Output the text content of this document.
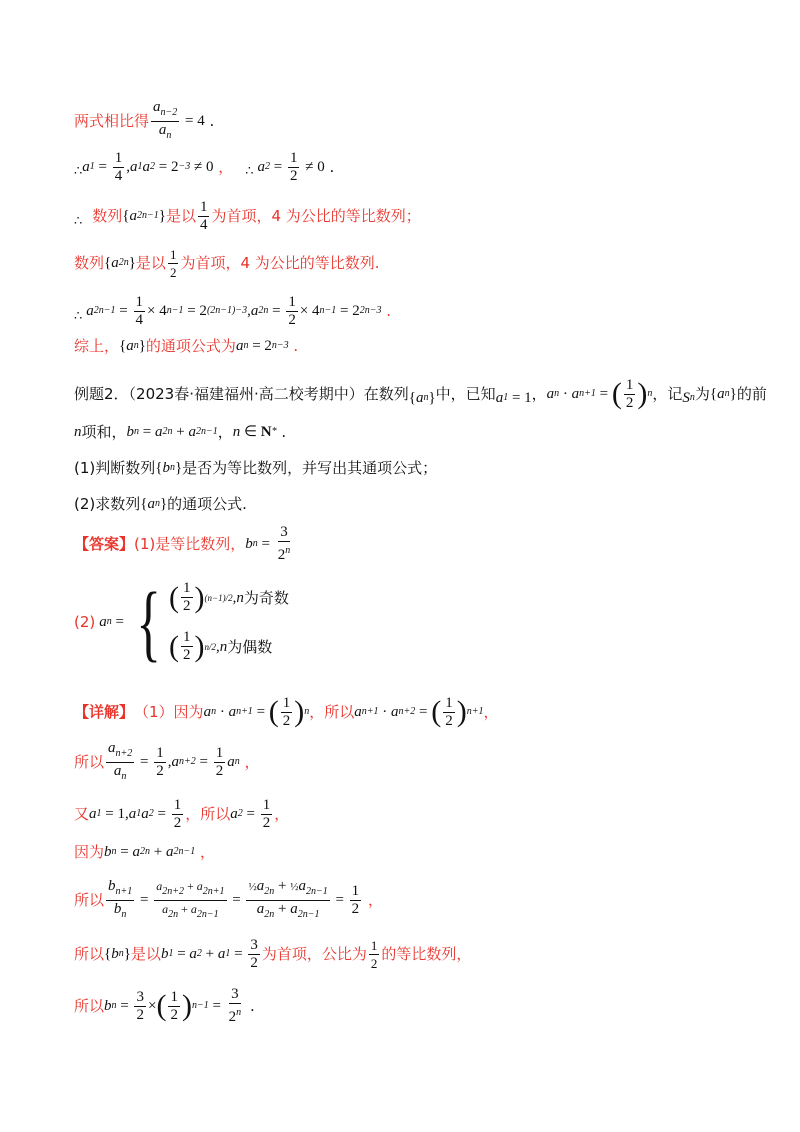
两式相比得 $\frac{a_{n-2}}{a_n} = 4$ .
∴ a $1 = \frac{1}{4}$ , a 1 a 2 = 2 −3 ≠ 0 ， ∴ a $2 = \frac{1}{2} \ne 0$ .
∴ 数列 { a 2n−1 } 是以 $\frac{1}{4}$ 为首项，4 为公比的等比数列；
数列 { a 2n } 是以 $\frac{1}{2}$ 为首项，4 为公比的等比数列.
∴ a $2n-1 = \frac{1}{4} \times 4$ n−1 = 2 (2n−1)−3 , a $2n = \frac{1}{2} \times 4$ n−1 = 2 2n−3 .
综上， { a n } 的通项公式为 a n = 2 n−3 .
例题2．（2023春·福建福州·高二校考期中）在数列 { a n } 中，已知 a 1 = 1 ， a n · a n+1 = ( $\frac{1}{2}$ ) n ，记 S n 为 { a n } 的前
n 项和， b n = a 2n + a 2n−1 ， n ∈ N * .
(1)判断数列 { b n } 是否为等比数列，并写出其通项公式；
(2)求数列 { a n } 的通项公式.
【答案】 (1)是等比数列， b $n = \frac{3}{2^n}$
(2) a n = { ( $\frac{1}{2}$ ) (n−1)/2 , n 为奇数
( $\frac{1}{2}$ ) n/2 , n 为偶数
【详解】 （1）因为 a n · a n+1 = ( $\frac{1}{2}$ ) n ，所以 a n+1 · a n+2 = ( $\frac{1}{2}$ ) n+1 ，
所以 $\frac{a_{n+2}}{a_n} = \frac{1}{2}$ , a $n+2 = \frac{1}{2}$ a n ，
又 a 1 = 1, a 1 a $2 = \frac{1}{2}$ ，所以 a $2 = \frac{1}{2}$ ，
因为 b n = a 2n + a 2n−1 ，
所以 $\frac{b_{n+1}}{b_n} = \frac{a_{2n+2} + a_{2n+1}}{a_{2n} + a_{2n-1}} = \frac{\frac{1}{2}a_{2n} + \frac{1}{2}a_{2n-1}}{a_{2n} + a_{2n-1}} = \frac{1}{2}$ ，
所以 { b n } 是以 b 1 = a 2 + a $1 = \frac{3}{2}$ 为首项，公比为 $\frac{1}{2}$ 的等比数列，
所以 b $n = \frac{3}{2}$ × ( $\frac{1}{2}$ ) $n-1 = \frac{3}{2^n}$ .
